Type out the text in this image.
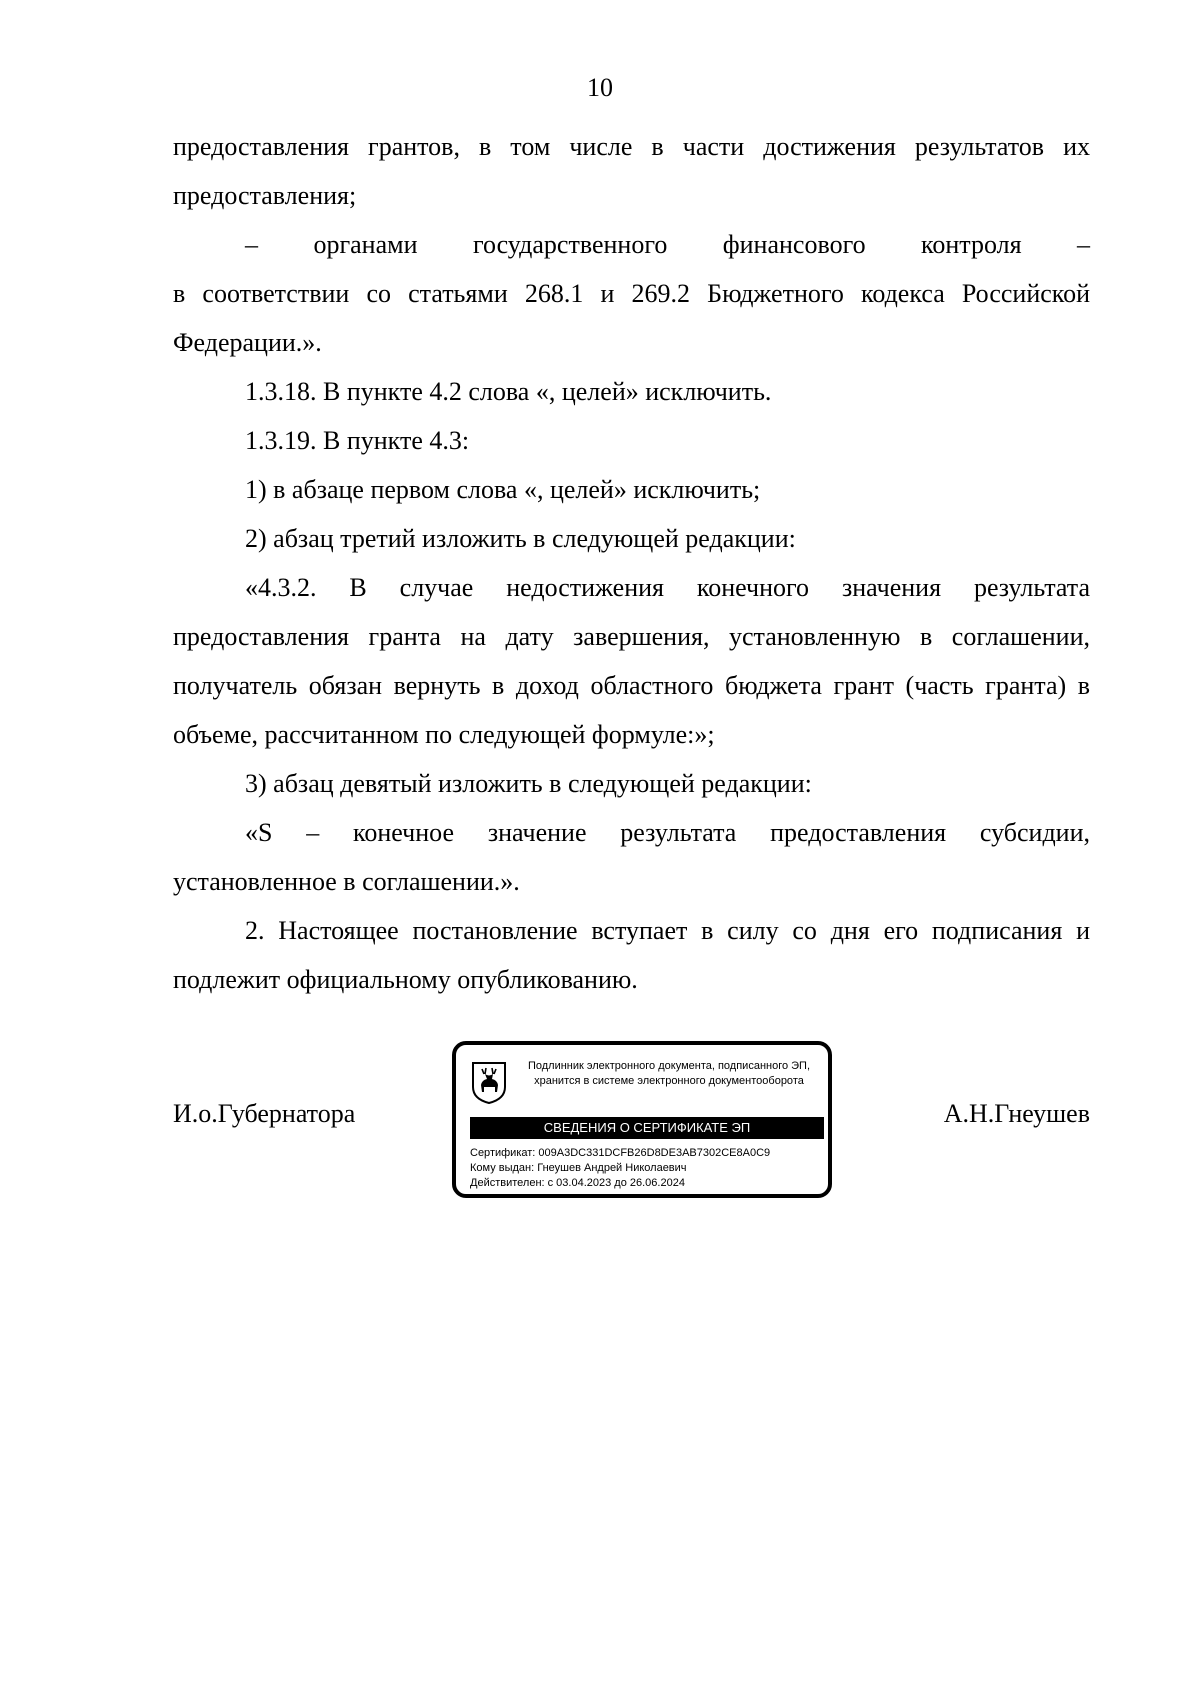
10

предоставления грантов, в том числе в части достижения результатов их предоставления;

– органами государственного финансового контроля –

в соответствии со статьями 268.1 и 269.2 Бюджетного кодекса Российской Федерации.».

1.3.18. В пункте 4.2 слова «, целей» исключить.

1.3.19. В пункте 4.3:

1) в абзаце первом слова «, целей» исключить;

2) абзац третий изложить в следующей редакции:

«4.3.2. В случае недостижения конечного значения результата предоставления гранта на дату завершения, установленную в соглашении, получатель обязан вернуть в доход областного бюджета грант (часть гранта) в объеме, рассчитанном по следующей формуле:»;

3) абзац девятый изложить в следующей редакции:

«S – конечное значение результата предоставления субсидии, установленное в соглашении.».

2. Настоящее постановление вступает в силу со дня его подписания и подлежит официальному опубликованию.

И.о.Губернатора
Подлинник электронного документа, подписанного ЭП,
хранится в системе электронного документооборота
СВЕДЕНИЯ О СЕРТИФИКАТЕ ЭП
Сертификат: 009A3DC331DCFB26D8DE3AB7302CE8A0C9
Кому выдан: Гнеушев Андрей Николаевич
Действителен: с 03.04.2023 до 26.06.2024
А.Н.Гнеушев
